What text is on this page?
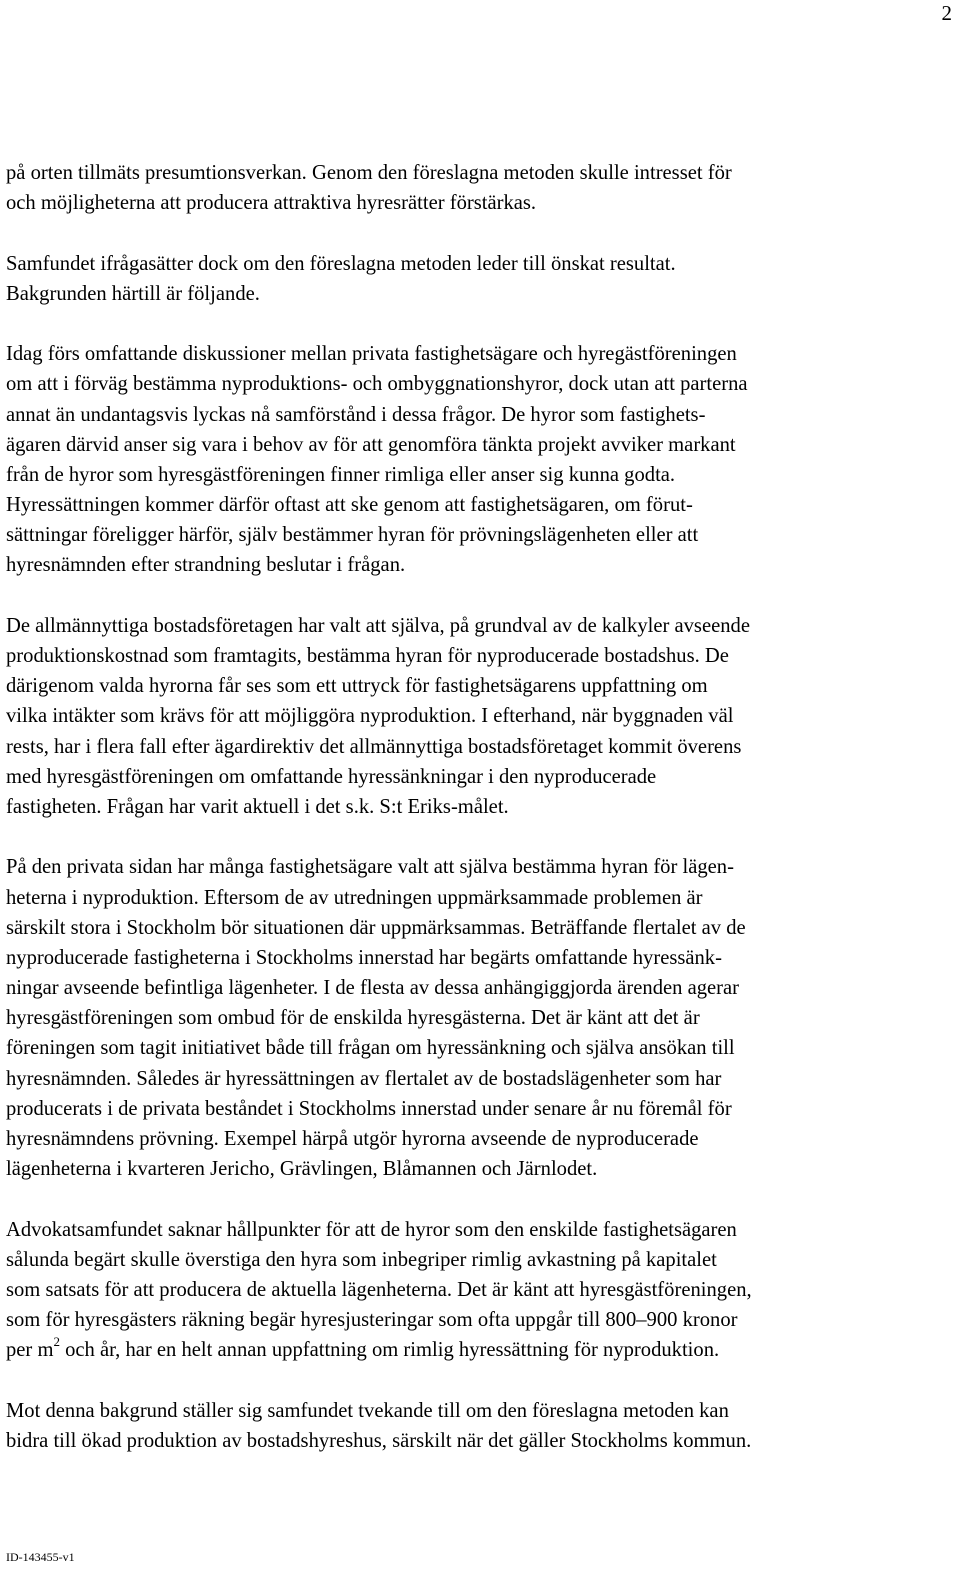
2
på orten tillmäts presumtionsverkan. Genom den föreslagna metoden skulle intresset för
och möjligheterna att producera attraktiva hyresrätter förstärkas.
Samfundet ifrågasätter dock om den föreslagna metoden leder till önskat resultat.
Bakgrunden härtill är följande.
Idag förs omfattande diskussioner mellan privata fastighetsägare och hyregästföreningen
om att i förväg bestämma nyproduktions- och ombyggnationshyror, dock utan att parterna
annat än undantagsvis lyckas nå samförstånd i dessa frågor. De hyror som fastighets-
ägaren därvid anser sig vara i behov av för att genomföra tänkta projekt avviker markant
från de hyror som hyresgästföreningen finner rimliga eller anser sig kunna godta.
Hyressättningen kommer därför oftast att ske genom att fastighetsägaren, om förut-
sättningar föreligger härför, själv bestämmer hyran för prövningslägenheten eller att
hyresnämnden efter strandning beslutar i frågan.
De allmännyttiga bostadsföretagen har valt att själva, på grundval av de kalkyler avseende
produktionskostnad som framtagits, bestämma hyran för nyproducerade bostadshus. De
därigenom valda hyrorna får ses som ett uttryck för fastighetsägarens uppfattning om
vilka intäkter som krävs för att möjliggöra nyproduktion. I efterhand, när byggnaden väl
rests, har i flera fall efter ägardirektiv det allmännyttiga bostadsföretaget kommit överens
med hyresgästföreningen om omfattande hyressänkningar i den nyproducerade
fastigheten. Frågan har varit aktuell i det s.k. S:t Eriks-målet.
På den privata sidan har många fastighetsägare valt att själva bestämma hyran för lägen-
heterna i nyproduktion. Eftersom de av utredningen uppmärksammade problemen är
särskilt stora i Stockholm bör situationen där uppmärksammas. Beträffande flertalet av de
nyproducerade fastigheterna i Stockholms innerstad har begärts omfattande hyressänk-
ningar avseende befintliga lägenheter. I de flesta av dessa anhängiggjorda ärenden agerar
hyresgästföreningen som ombud för de enskilda hyresgästerna. Det är känt att det är
föreningen som tagit initiativet både till frågan om hyressänkning och själva ansökan till
hyresnämnden. Således är hyressättningen av flertalet av de bostadslägenheter som har
producerats i de privata beståndet i Stockholms innerstad under senare år nu föremål för
hyresnämndens prövning. Exempel härpå utgör hyrorna avseende de nyproducerade
lägenheterna i kvarteren Jericho, Grävlingen, Blåmannen och Järnlodet.
Advokatsamfundet saknar hållpunkter för att de hyror som den enskilde fastighetsägaren
sålunda begärt skulle överstiga den hyra som inbegriper rimlig avkastning på kapitalet
som satsats för att producera de aktuella lägenheterna. Det är känt att hyresgästföreningen,
som för hyresgästers räkning begär hyresjusteringar som ofta uppgår till 800–900 kronor
per $m^2$ och år, har en helt annan uppfattning om rimlig hyressättning för nyproduktion.
Mot denna bakgrund ställer sig samfundet tvekande till om den föreslagna metoden kan
bidra till ökad produktion av bostadshyreshus, särskilt när det gäller Stockholms kommun.
ID-143455-v1
